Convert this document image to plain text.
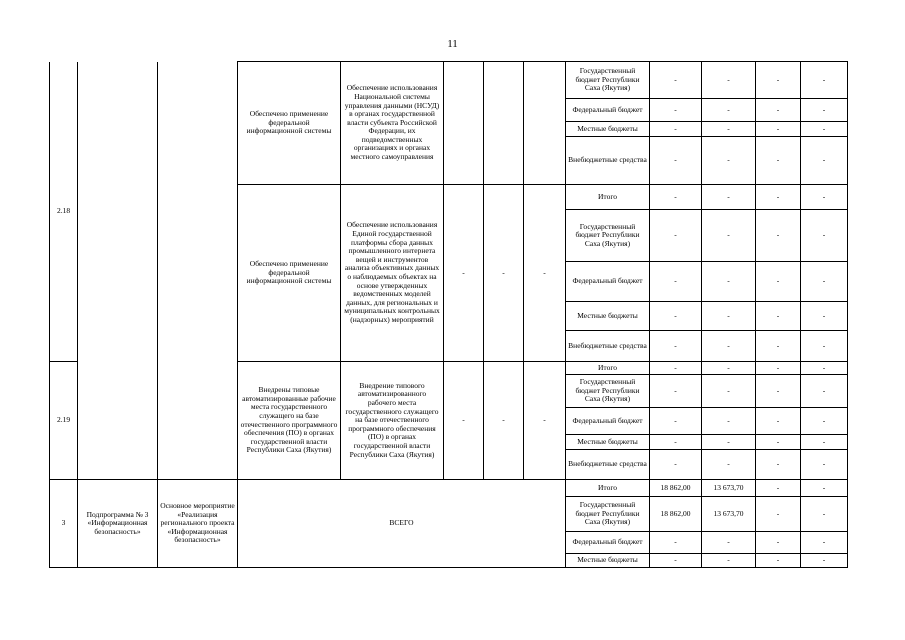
11
2.18			Обеспечено применение федеральной информационной системы	Обеспечение использования Национальной системы управления данными (НСУД) в органах государственной власти субъекта Российской Федерации, их подведомственных организациях и органах местного самоуправления				Государственный бюджет Республики Саха (Якутия)	-	-	-	-
								Федеральный бюджет	-	-	-	-
								Местные бюджеты	-	-	-	-
								Внебюджетные средства	-	-	-	-
			Обеспечено применение федеральной информационной системы	Обеспечение использования Единой государственной платформы сбора данных промышленного интернета вещей и инструментов анализа объективных данных о наблюдаемых объектах на основе утвержденных ведомственных моделей данных, для региональных и муниципальных контрольных (надзорных) мероприятий	-	-	-	Итого	-	-	-	-
								Государственный бюджет Республики Саха (Якутия)	-	-	-	-
								Федеральный бюджет	-	-	-	-
								Местные бюджеты	-	-	-	-
								Внебюджетные средства	-	-	-	-
2.19			Внедрены типовые автоматизированные рабочие места государственного служащего на базе отечественного программного обеспечения (ПО) в органах государственной власти Республики Саха (Якутия)	Внедрение типового автоматизированного рабочего места государственного служащего на базе отечественного программного обеспечения (ПО) в органах государственной власти Республики Саха (Якутия)	-	-	-	Итого	-	-	-	-
								Государственный бюджет Республики Саха (Якутия)	-	-	-	-
								Федеральный бюджет	-	-	-	-
								Местные бюджеты	-	-	-	-
								Внебюджетные средства	-	-	-	-
3	Подпрограмма № 3 «Информационная безопасность»	Основное мероприятие «Реализация регионального проекта «Информационная безопасность»	ВСЕГО					Итого	18 862,00	13 673,70	-	-
								Государственный бюджет Республики Саха (Якутия)	18 862,00	13 673,70	-	-
								Федеральный бюджет	-	-	-	-
								Местные бюджеты	-	-	-	-
